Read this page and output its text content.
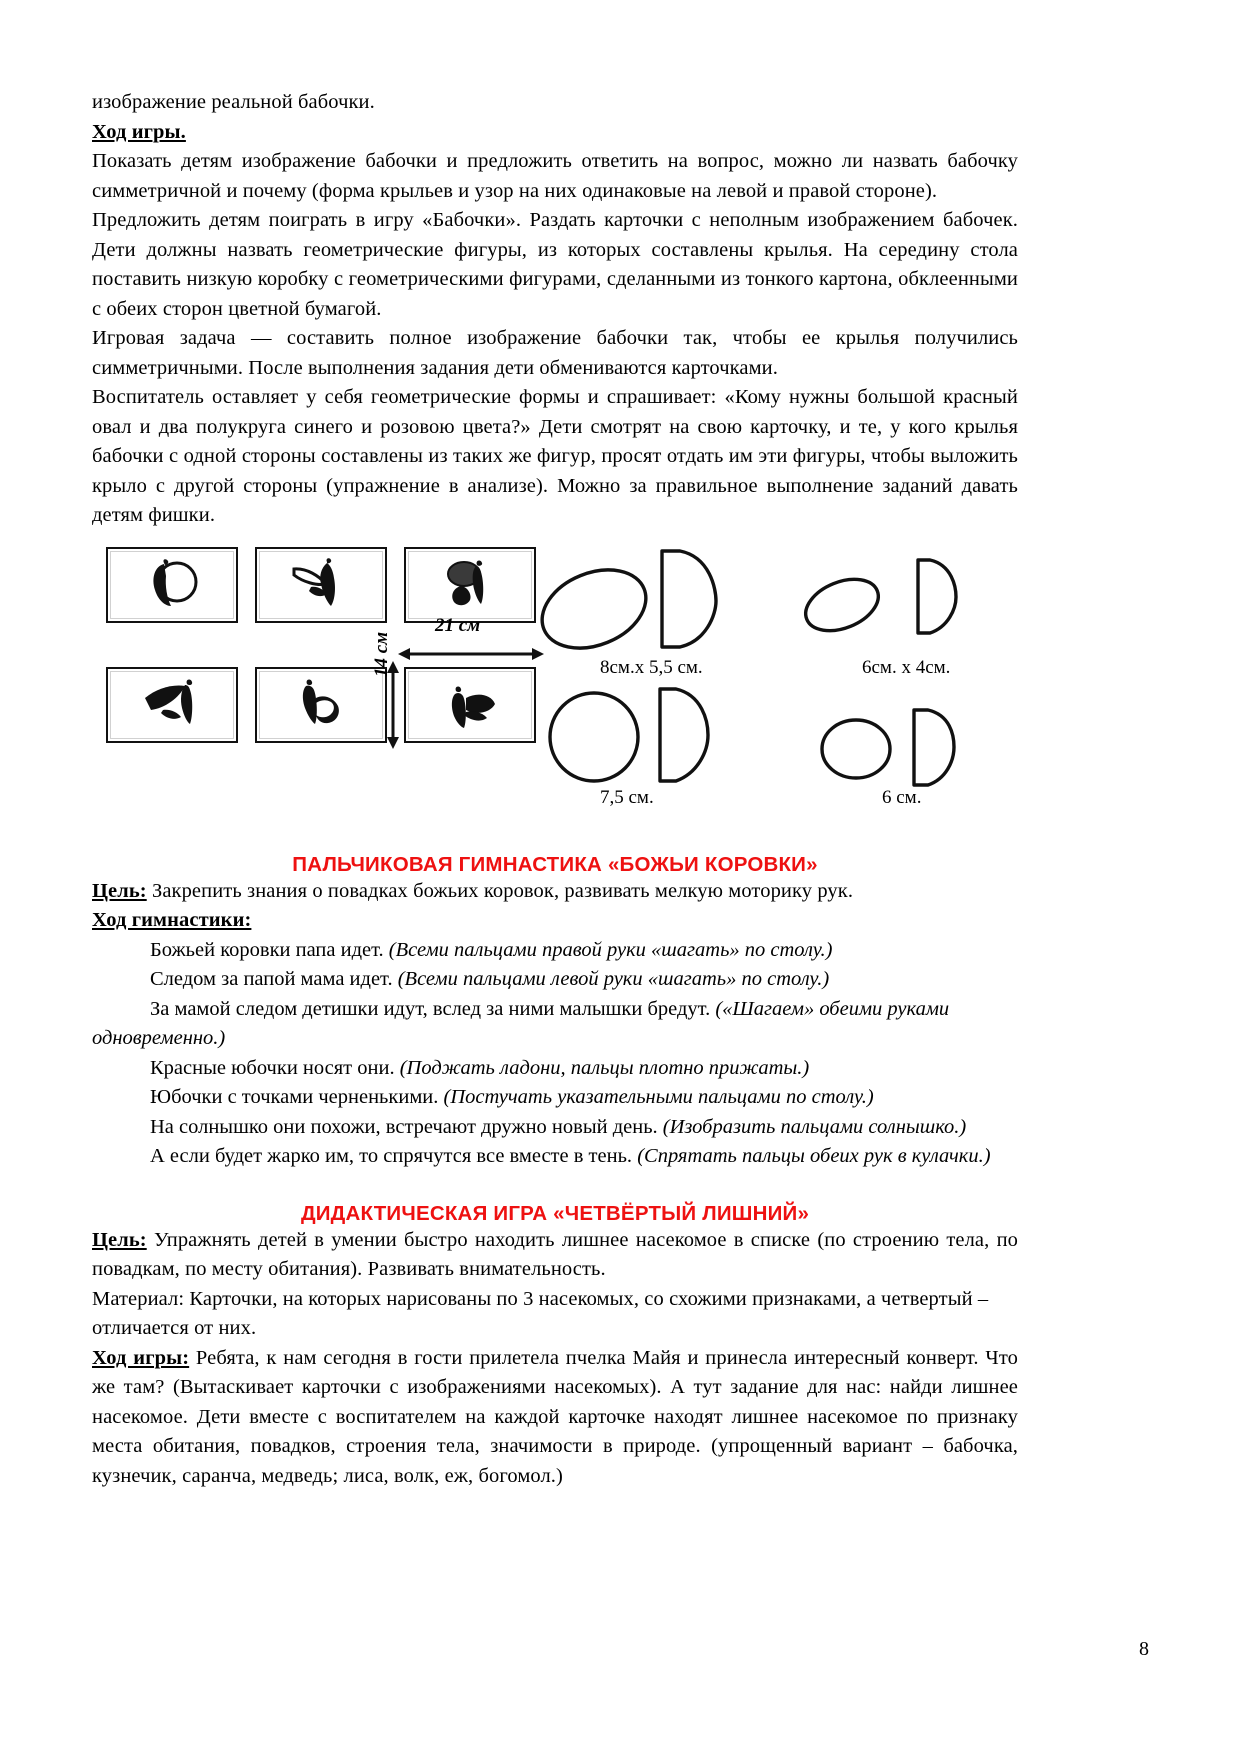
изображение реальной бабочки.

Ход игры.

Показать детям изображение бабочки и предложить ответить на вопрос, можно ли назвать бабочку симметричной и почему (форма крыльев и узор на них одинаковые на левой и правой стороне).

Предложить детям поиграть в игру «Бабочки». Раздать карточки с неполным изображением бабочек. Дети должны назвать геометрические фигуры, из которых составлены крылья. На середину стола поставить низкую коробку с геометрическими фигурами, сделанными из тонкого картона, обклеенными с обеих сторон цветной бумагой.

Игровая задача — составить полное изображение бабочки так, чтобы ее крылья получились симметричными. После выполнения задания дети обмениваются карточками.

Воспитатель оставляет у себя геометрические формы и спрашивает: «Кому нужны большой красный овал и два полукруга синего и розовою цвета?» Дети смотрят на свою карточку, и те, у кого крылья бабочки с одной стороны составлены из таких же фигур, просят отдать им эти фигуры, чтобы выложить крыло с другой стороны (упражнение в анализе). Можно за правильное выполнение заданий давать детям фишки.

21 см
14 см	8см.х 5,5 см.	6см. х 4см.
7,5 см.	6 см.
ПАЛЬЧИКОВАЯ ГИМНАСТИКА «БОЖЬИ КОРОВКИ»

Цель: Закрепить знания о повадках божьих коровок, развивать мелкую моторику рук.

Ход гимнастики:

Божьей коровки папа идет. (Всеми пальцами правой руки «шагать» по столу.)

Следом за папой мама идет. (Всеми пальцами левой руки «шагать» по столу.)

За мамой следом детишки идут, вслед за ними малышки бредут. («Шагаем» обеими руками одновременно.)

Красные юбочки носят они. (Поджать ладони, пальцы плотно прижаты.)

Юбочки с точками черненькими. (Постучать указательными пальцами по столу.)

На солнышко они похожи, встречают дружно новый день. (Изобразить пальцами солнышко.)

А если будет жарко им, то спрячутся все вместе в тень. (Спрятать пальцы обеих рук в кулачки.)

ДИДАКТИЧЕСКАЯ ИГРА «ЧЕТВЁРТЫЙ ЛИШНИЙ»

Цель: Упражнять детей в умении быстро находить лишнее насекомое в списке (по строению тела, по повадкам, по месту обитания). Развивать внимательность.

Материал: Карточки, на которых нарисованы по 3 насекомых, со схожими признаками, а четвертый – отличается от них.

Ход игры: Ребята, к нам сегодня в гости прилетела пчелка Майя и принесла интересный конверт. Что же там? (Вытаскивает карточки с изображениями насекомых). А тут задание для нас: найди лишнее насекомое. Дети вместе с воспитателем на каждой карточке находят лишнее насекомое по признаку места обитания, повадков, строения тела, значимости в природе. (упрощенный вариант – бабочка, кузнечик, саранча, медведь; лиса, волк, еж, богомол.)

8
